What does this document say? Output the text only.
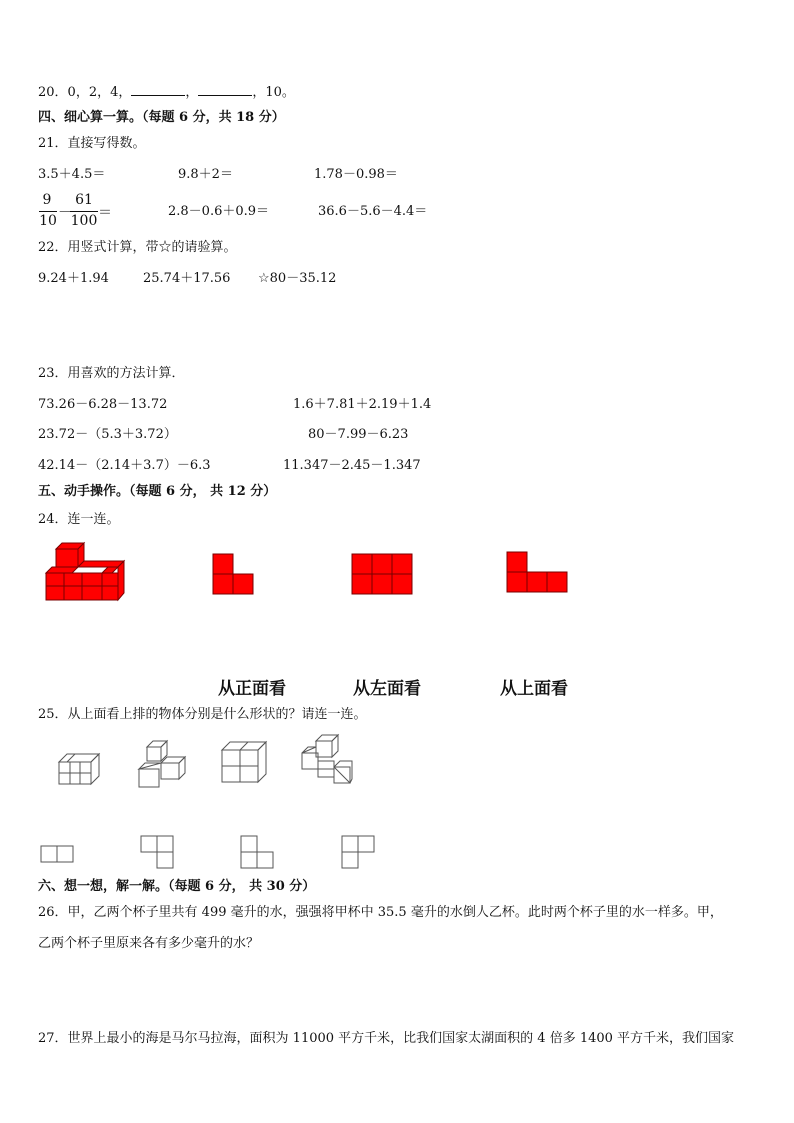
20．0，2，4，	，	，10。
四、细心算一算。（每题 6 分，共 18 分）
21．直接写得数。
3.5＋4.5＝	9.8＋2＝	1.78－0.98＝
9
10 －
61
100 ＝	2.8－0.6＋0.9＝	36.6－5.6－4.4＝
22．用竖式计算，带☆的请验算。
9.24＋1.94	25.74＋17.56 ☆80－35.12
23．用喜欢的方法计算．
73.26－6.28－13.72	1.6＋7.81＋2.19＋1.4
23.72－（5.3＋3.72）	80－7.99－6.23
42.14－（2.14＋3.7）－6.3	11.347－2.45－1.347
五、动手操作。（每题 6 分， 共 12 分）
24．连一连。
从正面看	从左面看	从上面看
25．从上面看上排的物体分别是什么形状的？请连一连。
六、想一想，解一解。（每题 6 分， 共 30 分）
26．甲，乙两个杯子里共有 499 毫升的水，强强将甲杯中 35.5 毫升的水倒人乙杯。此时两个杯子里的水一样多。甲，
乙两个杯子里原来各有多少毫升的水？
27．世界上最小的海是马尔马拉海，面积为 11000 平方千米，比我们国家太湖面积的 4 倍多 1400 平方千米，我们国家
